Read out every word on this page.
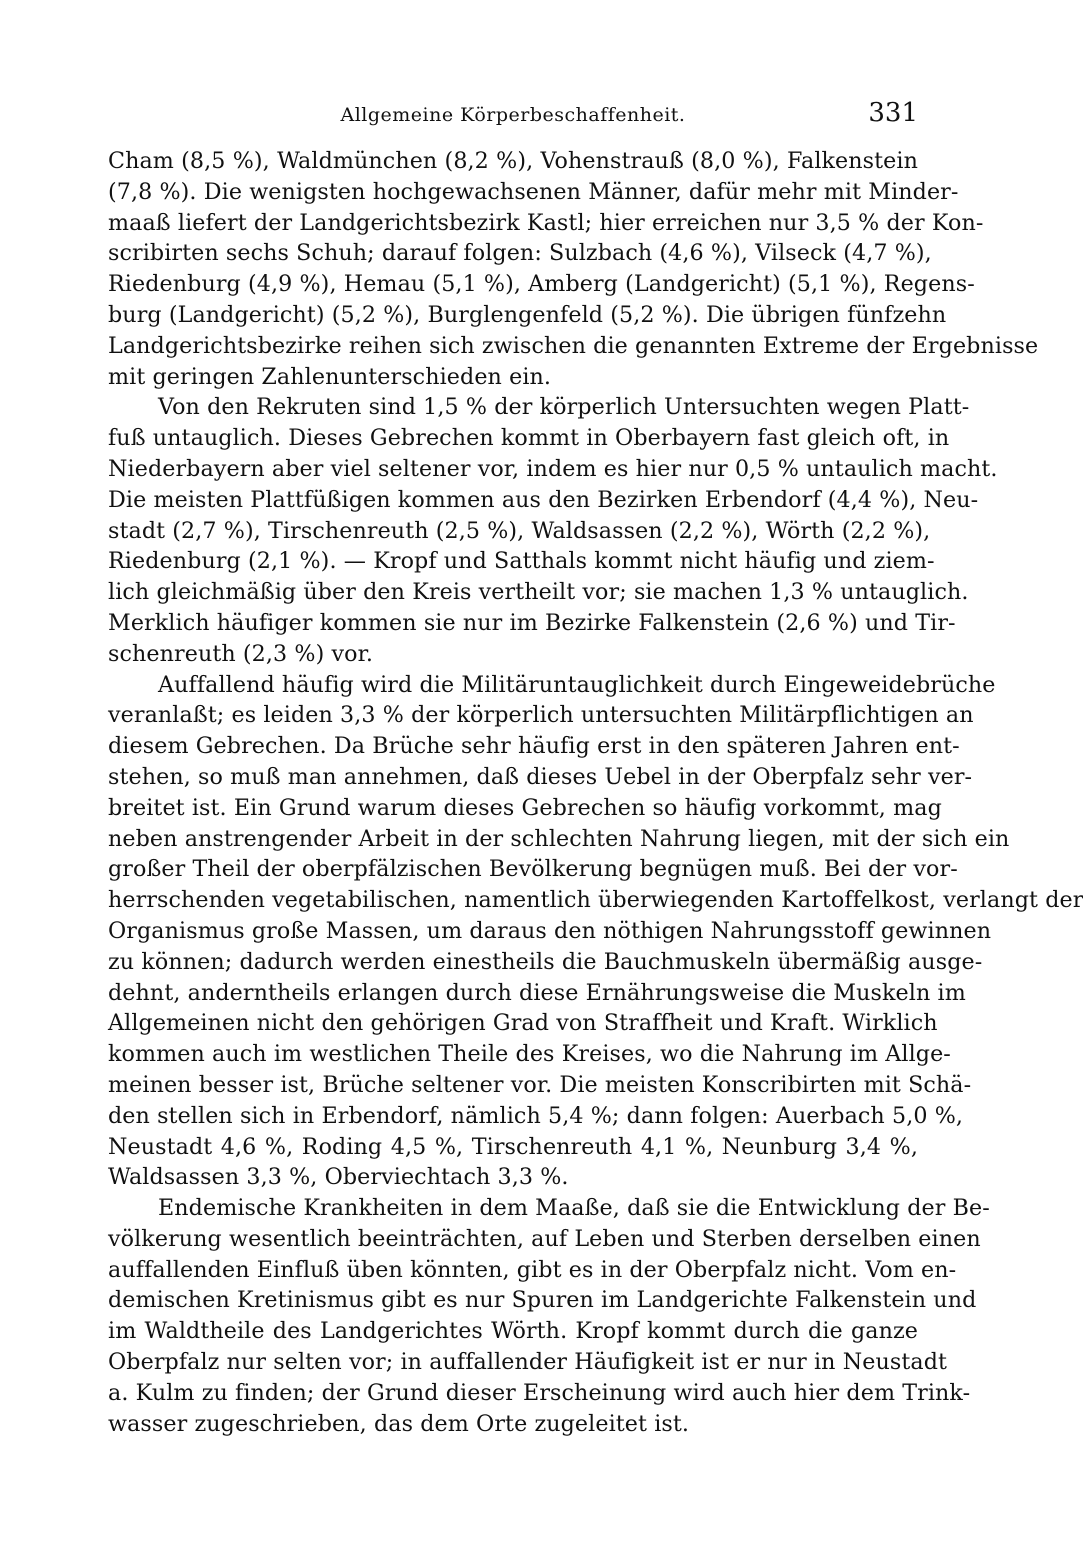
Allgemeine Körperbeschaffenheit.	331
Cham (8,5 %), Waldmünchen (8,2 %), Vohenstrauß (8,0 %), Falkenstein
(7,8 %). Die wenigsten hochgewachsenen Männer, dafür mehr mit Minder-
maaß liefert der Landgerichtsbezirk Kastl; hier erreichen nur 3,5 % der Kon-
scribirten sechs Schuh; darauf folgen: Sulzbach (4,6 %), Vilseck (4,7 %),
Riedenburg (4,9 %), Hemau (5,1 %), Amberg (Landgericht) (5,1 %), Regens-
burg (Landgericht) (5,2 %), Burglengenfeld (5,2 %). Die übrigen fünfzehn
Landgerichtsbezirke reihen sich zwischen die genannten Extreme der Ergebnisse
mit geringen Zahlenunterschieden ein.
Von den Rekruten sind 1,5 % der körperlich Untersuchten wegen Platt-
fuß untauglich. Dieses Gebrechen kommt in Oberbayern fast gleich oft, in
Niederbayern aber viel seltener vor, indem es hier nur 0,5 % untaulich macht.
Die meisten Plattfüßigen kommen aus den Bezirken Erbendorf (4,4 %), Neu-
stadt (2,7 %), Tirschenreuth (2,5 %), Waldsassen (2,2 %), Wörth (2,2 %),
Riedenburg (2,1 %). — Kropf und Satthals kommt nicht häufig und ziem-
lich gleichmäßig über den Kreis vertheilt vor; sie machen 1,3 % untauglich.
Merklich häufiger kommen sie nur im Bezirke Falkenstein (2,6 %) und Tir-
schenreuth (2,3 %) vor.
Auffallend häufig wird die Militäruntauglichkeit durch Eingeweidebrüche
veranlaßt; es leiden 3,3 % der körperlich untersuchten Militärpflichtigen an
diesem Gebrechen. Da Brüche sehr häufig erst in den späteren Jahren ent-
stehen, so muß man annehmen, daß dieses Uebel in der Oberpfalz sehr ver-
breitet ist. Ein Grund warum dieses Gebrechen so häufig vorkommt, mag
neben anstrengender Arbeit in der schlechten Nahrung liegen, mit der sich ein
großer Theil der oberpfälzischen Bevölkerung begnügen muß. Bei der vor-
herrschenden vegetabilischen, namentlich überwiegenden Kartoffelkost, verlangt der
Organismus große Massen, um daraus den nöthigen Nahrungsstoff gewinnen
zu können; dadurch werden einestheils die Bauchmuskeln übermäßig ausge-
dehnt, anderntheils erlangen durch diese Ernährungsweise die Muskeln im
Allgemeinen nicht den gehörigen Grad von Straffheit und Kraft. Wirklich
kommen auch im westlichen Theile des Kreises, wo die Nahrung im Allge-
meinen besser ist, Brüche seltener vor. Die meisten Konscribirten mit Schä-
den stellen sich in Erbendorf, nämlich 5,4 %; dann folgen: Auerbach 5,0 %,
Neustadt 4,6 %, Roding 4,5 %, Tirschenreuth 4,1 %, Neunburg 3,4 %,
Waldsassen 3,3 %, Oberviechtach 3,3 %.
Endemische Krankheiten in dem Maaße, daß sie die Entwicklung der Be-
völkerung wesentlich beeinträchten, auf Leben und Sterben derselben einen
auffallenden Einfluß üben könnten, gibt es in der Oberpfalz nicht. Vom en-
demischen Kretinismus gibt es nur Spuren im Landgerichte Falkenstein und
im Waldtheile des Landgerichtes Wörth. Kropf kommt durch die ganze
Oberpfalz nur selten vor; in auffallender Häufigkeit ist er nur in Neustadt
a. Kulm zu finden; der Grund dieser Erscheinung wird auch hier dem Trink-
wasser zugeschrieben, das dem Orte zugeleitet ist.
